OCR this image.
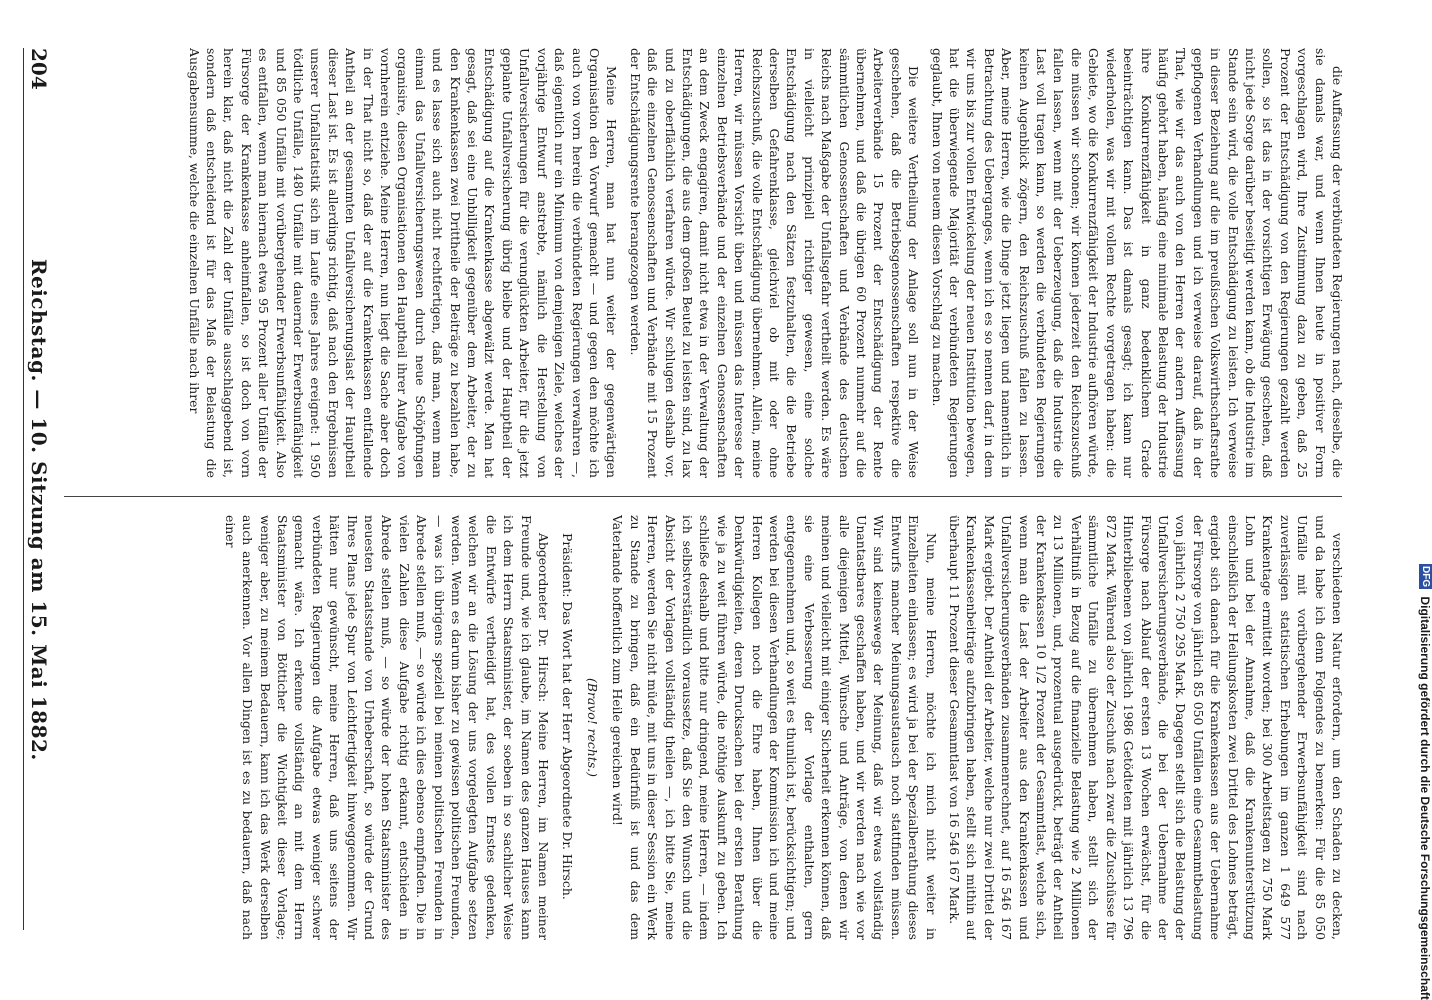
204
Reichstag. — 10. Sitzung am 15. Mai 1882.	die Auffassung der verbündeten Regierungen nach, dieselbe, die sie damals war, und wenn Ihnen heute in positiver Form vorgeschlagen wird, Ihre Zustimmung dazu zu geben, daß 25 Prozent der Entschädigung von den Regierungen gezahlt werden sollen, so ist das in der vorsichtigen Erwägung geschehen, daß nicht jede Sorge darüber beseitigt werden kann, ob die Industrie im Stande sein wird, die volle Entschädigung zu leisten. Ich verweise in dieser Beziehung auf die im preußischen Volkswirthschaftsrathe gepflogenen Verhandlungen und ich verweise darauf, daß in der That, wie wir das auch von den Herren der andern Auffassung häufig gehört haben, häufig eine minimale Belastung der Industrie ihre Konkurrenzfähigkeit in ganz bedenklichem Grade beeinträchtigen kann. Das ist damals gesagt; ich kann nur wiederholen, was wir mit vollem Rechte vorgetragen haben: die Gebiete, wo die Konkurrenzfähigkeit der Industrie aufhören würde, die müssen wir schonen; wir können jederzeit den Reichszuschuß fallen lassen, wenn mit der Ueberzeugung, daß die Industrie die Last voll tragen kann, so werden die verbündeten Regierungen keinen Augenblick zögern, den Reichszuschuß fallen zu lassen. Aber, meine Herren, wie die Dinge jetzt liegen und namentlich in Betrachtung des Ueberganges, wenn ich es so nennen darf, in dem wir uns bis zur vollen Entwickelung der neuen Institution bewegen, hat die überwiegende Majorität der verbündeten Regierungen geglaubt, Ihnen von neuem diesen Vorschlag zu machen.

Die weitere Vertheilung der Anlage soll nun in der Weise geschehen, daß die Betriebsgenossenschaften respektive die Arbeiterverbände 15 Prozent der Entschädigung der Rente übernehmen, und daß die übrigen 60 Prozent nunmehr auf die sämmtlichen Genossenschaften und Verbände des deutschen Reichs nach Maßgabe der Unfallsgefahr vertheilt werden. Es wäre in vielleicht prinzipiell richtiger gewesen, eine solche Entschädigung nach den Sätzen festzuhalten, die die Betriebe derselben Gefahrenklasse, gleichviel ob mit oder ohne Reichszuschuß, die volle Entschädigung übernehmen. Allein, meine Herren, wir müssen Vorsicht üben und müssen das Interesse der einzelnen Betriebsverbände und der einzelnen Genossenschaften an dem Zweck engagiren, damit nicht etwa in der Verwaltung der Entschädigungen, die aus dem großen Beutel zu leisten sind, zu lax und zu oberflächlich verfahren würde. Wir schlugen deshalb vor, daß die einzelnen Genossenschaften und Verbände mit 15 Prozent der Entschädigungsrente herangezogen werden.

Meine Herren, man hat nun weiter der gegenwärtigen Organisation den Vorwurf gemacht — und gegen den möchte ich auch von vorn herein die verbündeten Regierungen verwahren —, daß eigentlich nur ein Minimum von demjenigen Ziele, welches der vorjährige Entwurf anstrebte, nämlich die Herstellung von Unfallversicherungen für die verunglückten Arbeiter, für die jetzt geplante Unfallversicherung übrig bleibe und der Hauptheil der Entschädigung auf die Krankenkasse abgewälzt werde. Man hat gesagt, daß sei eine Unbilligkeit gegenüber dem Arbeiter, der zu den Krankenkassen zwei Drittheile der Beiträge zu bezahlen habe, und es lasse sich auch nicht rechtfertigen, daß man, wenn man einmal das Unfallversicherungswesen durch neue Schöpfungen organisire, diesen Organisationen den Hauptheil ihrer Aufgabe von vornherein entziehe. Meine Herren, nun liegt die Sache aber doch in der That nicht so, daß der auf die Krankenkassen entfallende Antheil an der gesammten Unfallversicherungslast der Hauptheil dieser Last ist. Es ist allerdings richtig, daß nach den Ergebnissen unserer Unfallstatistik sich im Laufe eines Jahres ereignet: 1 950 tödtliche Unfälle, 1480 Unfälle mit dauernder Erwerbsunfähigkeit und 85 050 Unfälle mit vorübergehender Erwerbsunfähigkeit. Also es entfallen, wenn man hiernach etwa 95 Prozent aller Unfälle der Fürsorge der Krankenkasse anheimfallen, so ist doch von vorn herein klar, daß nicht die Zahl der Unfälle ausschlaggebend ist, sondern daß entscheidend ist für das Maß der Belastung die Ausgabensumme, welche die einzelnen Unfälle nach ihrer

verschiedenen Natur erfordern, um den Schaden zu decken, und da habe ich denn Folgendes zu bemerken: Für die 85 050 Unfälle mit vorübergehender Erwerbsunfähigkeit sind nach zuverlässigen statistischen Erhebungen im ganzen 1 649 577 Krankentage ermittelt worden; bei 300 Arbeitstagen zu 750 Mark Lohn und bei der Annahme, daß die Krankenunterstützung einschließlich der Heilungskosten zwei Drittel des Lohnes beträgt, ergiebt sich danach für die Krankenkassen aus der Uebernahme der Fürsorge von jährlich 85 050 Unfällen eine Gesammtbelastung von jährlich 2 750 295 Mark. Dagegen stellt sich die Belastung der Unfallversicherungsverbände, die bei der Uebernahme der Fürsorge nach Ablauf der ersten 13 Wochen erwächst, für die Hinterbliebenen von jährlich 1986 Getödteten mit jährlich 13 796 872 Mark. Während also der Zuschuß nach zwar die Zuschüsse für sämmtliche Unfälle zu übernehmen haben, stellt sich der Verhältniß in Bezug auf die finanzielle Belastung wie 2 Millionen zu 13 Millionen, und, prozentual ausgedrückt, beträgt der Antheil der Krankenkassen 10 1/2 Prozent der Gesammtlast, welche sich, wenn man die Last der Arbeiter aus den Krankenkassen und Unfallversicherungsverbänden zusammenrechnet, auf 16 546 167 Mark ergiebt. Der Antheil der Arbeiter, welche nur zwei Drittel der Krankenkassenbeiträge aufzubringen haben, stellt sich mithin auf überhaupt 11 Prozent dieser Gesammtlast von 16 546 167 Mark.

Nun, meine Herren, möchte ich mich nicht weiter in Einzelheiten einlassen; es wird ja bei der Spezialberathung dieses Entwurfs mancher Meinungsaustausch noch stattfinden müssen. Wir sind keineswegs der Meinung, daß wir etwas vollständig Unantastbares geschaffen haben, und wir werden nach wie vor alle diejenigen Mittel, Wünsche und Anträge, von denen wir meinen und vielleicht mit einiger Sicherheit erkennen können, daß sie eine Verbesserung der Vorlage enthalten, gern entgegennehmen und, so weit es thunlich ist, berücksichtigen; und werden bei diesen Verhandlungen der Kommission ich und meine Herren Kollegen noch die Ehre haben, Ihnen über die Denkwürdigkeiten, deren Drucksachen bei der ersten Berathung wie ja zu weit führen würde, die nöthige Auskunft zu geben. Ich schließe deshalb und bitte nur dringend, meine Herren, — indem ich selbstverständlich voraussetze, daß Sie den Wunsch und die Absicht der Vorlagen vollständig theilen —, ich bitte Sie, meine Herren, werden Sie nicht müde, mit uns in dieser Session ein Werk zu Stande zu bringen, daß ein Bedürfniß ist und das dem Vaterlande hoffentlich zum Heile gereichen wird!

(Bravo! rechts.)

Präsident: Das Wort hat der Herr Abgeordnete Dr. Hirsch.

Abgeordneter Dr. Hirsch: Meine Herren, im Namen meiner Freunde und, wie ich glaube, im Namen des ganzen Hauses kann ich dem Herrn Staatsminister, der soeben in so sachlicher Weise die Entwürfe vertheidigt hat, des vollen Ernstes gedenken, welchen wir an die Lösung der uns vorgelegten Aufgabe setzen werden. Wenn es darum bisher zu gewissen politischen Freunden, — was ich übrigens speziell bei meinen politischen Freunden in Abrede stellen muß, — so würde ich dies ebenso empfinden. Die in vielen Zahlen diese Aufgabe richtig erkannt, entschieden in Abrede stellen muß, — so würde der hohen Staatsminister des neuesten Staatsstande von Urheberschaft, so würde der Grund Ihres Plans jede Spur von Leichtfertigkeit hinweggenommen. Wir hätten nur gewünscht, meine Herren, daß uns seitens der verbündeten Regierungen die Aufgabe etwas weniger schwer gemacht wäre. Ich erkenne vollständig an mit dem Herrn Staatsminister von Bötticher die Wichtigkeit dieser Vorlage; weniger aber, zu meinem Bedauern, kann ich das Werk derselben auch anerkennen. Vor allen Dingen ist es zu bedauern, daß nach einer

DFG Digitalisierung gefördert durch die Deutsche Forschungsgemeinschaft
